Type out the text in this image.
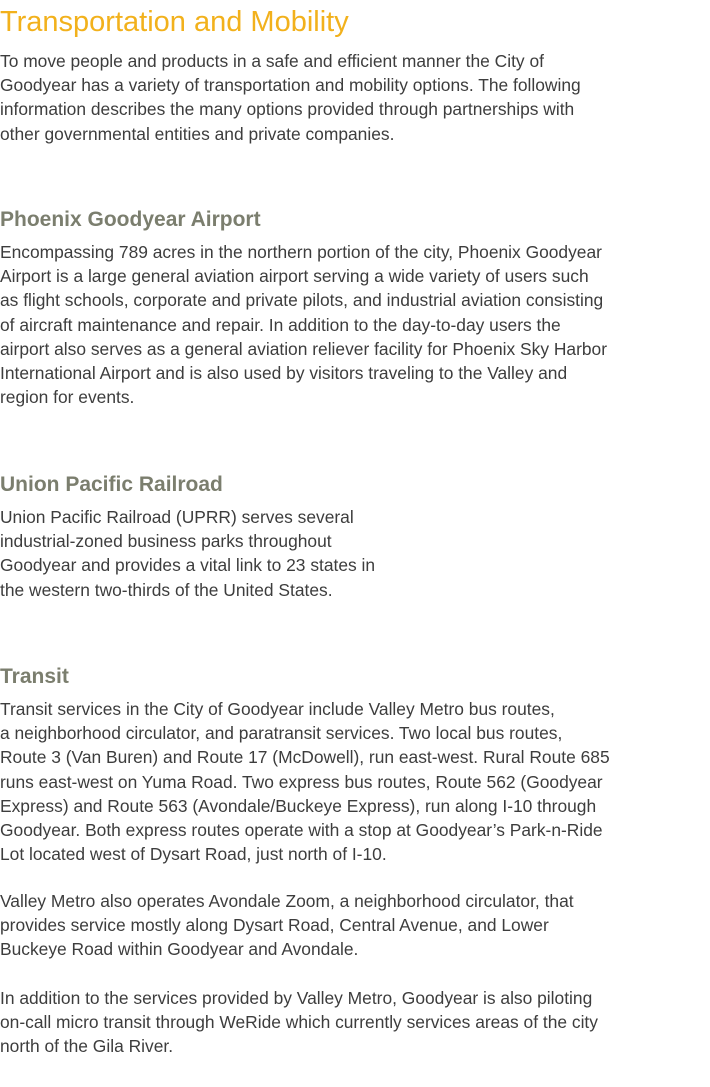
Transportation and Mobility

To move people and products in a safe and efficient manner the City of
Goodyear has a variety of transportation and mobility options. The following
information describes the many options provided through partnerships with
other governmental entities and private companies.

Phoenix Goodyear Airport

Encompassing 789 acres in the northern portion of the city, Phoenix Goodyear
Airport is a large general aviation airport serving a wide variety of users such
as flight schools, corporate and private pilots, and industrial aviation consisting
of aircraft maintenance and repair. In addition to the day-to-day users the
airport also serves as a general aviation reliever facility for Phoenix Sky Harbor
International Airport and is also used by visitors traveling to the Valley and
region for events.

Union Pacific Railroad

Union Pacific Railroad (UPRR) serves several
industrial-zoned business parks throughout
Goodyear and provides a vital link to 23 states in
the western two-thirds of the United States.

Transit

Transit services in the City of Goodyear include Valley Metro bus routes,
a neighborhood circulator, and paratransit services. Two local bus routes,
Route 3 (Van Buren) and Route 17 (McDowell), run east-west. Rural Route 685
runs east-west on Yuma Road. Two express bus routes, Route 562 (Goodyear
Express) and Route 563 (Avondale/Buckeye Express), run along I-10 through
Goodyear. Both express routes operate with a stop at Goodyear’s Park-n-Ride
Lot located west of Dysart Road, just north of I-10.

Valley Metro also operates Avondale Zoom, a neighborhood circulator, that
provides service mostly along Dysart Road, Central Avenue, and Lower
Buckeye Road within Goodyear and Avondale.

In addition to the services provided by Valley Metro, Goodyear is also piloting
on-call micro transit through WeRide which currently services areas of the city
north of the Gila River.
